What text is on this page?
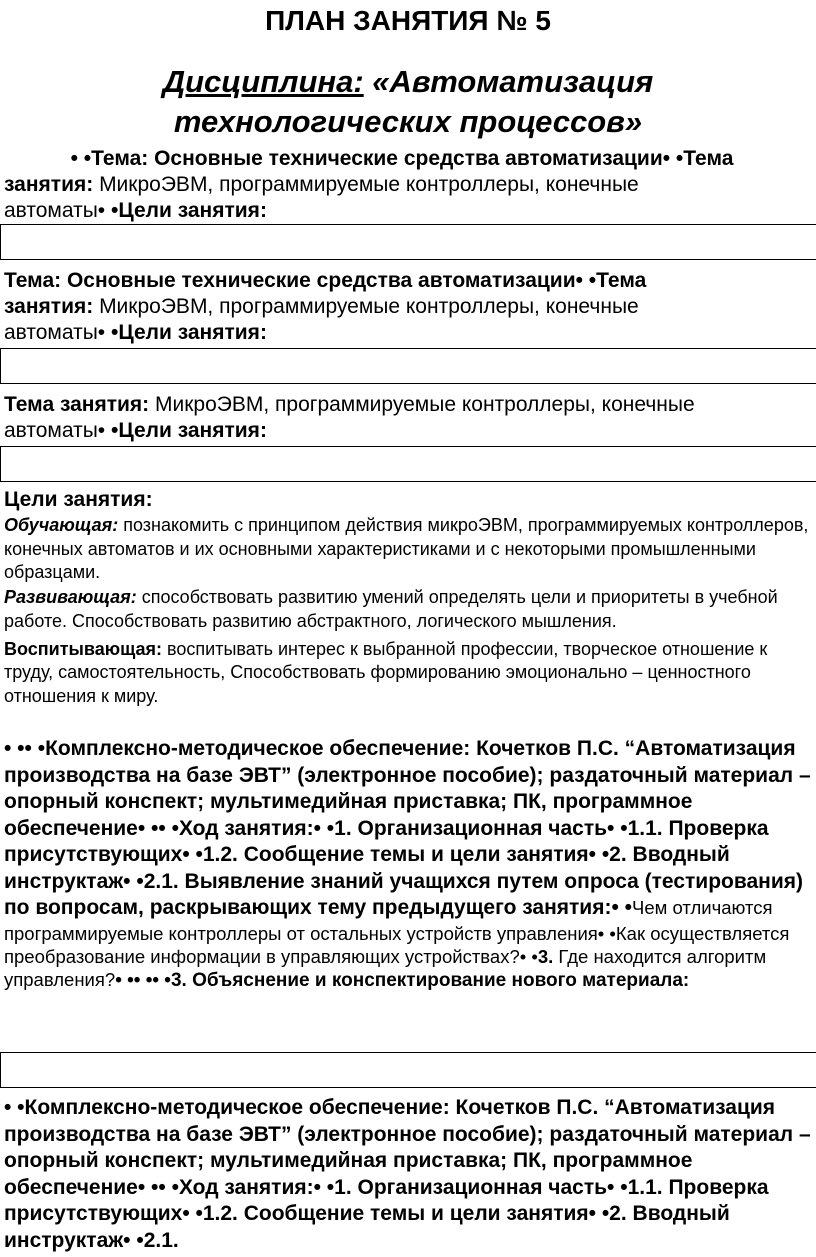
ПЛАН ЗАНЯТИЯ № 5
Дисциплина: «Автоматизация
технологических процессов»
• •Тема: Основные технические средства автоматизации• •Тема
занятия: МикроЭВМ, программируемые контроллеры, конечные
автоматы• •Цели занятия:
Тема: Основные технические средства автоматизации• •Тема
занятия: МикроЭВМ, программируемые контроллеры, конечные
автоматы• •Цели занятия:
Тема занятия: МикроЭВМ, программируемые контроллеры, конечные
автоматы• •Цели занятия:
Цели занятия:
Обучающая: познакомить с принципом действия микроЭВМ, программируемых контроллеров, конечных автоматов и их основными характеристиками и с некоторыми промышленными образцами.
Развивающая: способствовать развитию умений определять цели и приоритеты в учебной работе. Способствовать развитию абстрактного, логического мышления.
Воспитывающая: воспитывать интерес к выбранной профессии, творческое отношение к труду, самостоятельность, Способствовать формированию эмоционально – ценностного отношения к миру.
• •• •Комплексно-методическое обеспечение: Кочетков П.С. “Автоматизация производства на базе ЭВТ” (электронное пособие); раздаточный материал – опорный конспект; мультимедийная приставка; ПК, программное обеспечение• •• •Ход занятия:• •1. Организационная часть• •1.1. Проверка присутствующих• •1.2. Сообщение темы и цели занятия• •2. Вводный инструктаж• •2.1. Выявление знаний учащихся путем опроса (тестирования) по вопросам, раскрывающих тему предыдущего занятия:• •Чем отличаются программируемые контроллеры от остальных устройств управления• •Как осуществляется преобразование информации в управляющих устройствах?• •3. Где находится алгоритм управления?• •• •• •3. Объяснение и конспектирование нового материала:
• •Комплексно-методическое обеспечение: Кочетков П.С. “Автоматизация производства на базе ЭВТ” (электронное пособие); раздаточный материал – опорный конспект; мультимедийная приставка; ПК, программное обеспечение• •• •Ход занятия:• •1. Организационная часть• •1.1. Проверка присутствующих• •1.2. Сообщение темы и цели занятия• •2. Вводный инструктаж• •2.1.
